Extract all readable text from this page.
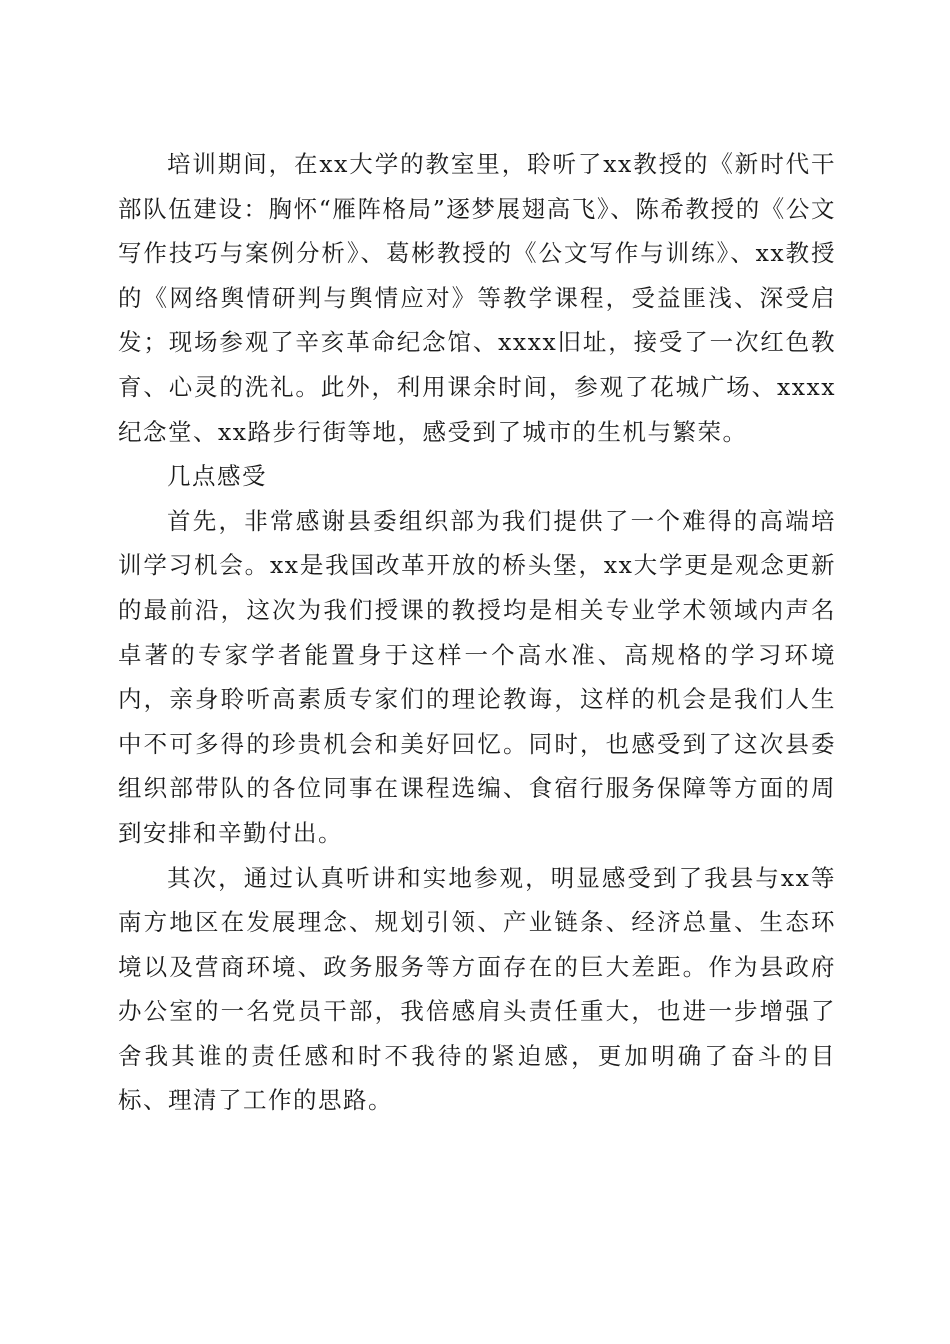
培训期间，在xx大学的教室里，聆听了xx教授的《新时代干部队伍建设：胸怀“雁阵格局”逐梦展翅高飞》、陈希教授的《公文写作技巧与案例分析》、葛彬教授的《公文写作与训练》、xx教授的《网络舆情研判与舆情应对》等教学课程，受益匪浅、深受启发；现场参观了辛亥革命纪念馆、xxxx旧址，接受了一次红色教育、心灵的洗礼。此外，利用课余时间，参观了花城广场、xxxx纪念堂、xx路步行街等地，感受到了城市的生机与繁荣。

几点感受

首先，非常感谢县委组织部为我们提供了一个难得的高端培训学习机会。xx是我国改革开放的桥头堡，xx大学更是观念更新的最前沿，这次为我们授课的教授均是相关专业学术领域内声名卓著的专家学者能置身于这样一个高水准、高规格的学习环境内，亲身聆听高素质专家们的理论教诲，这样的机会是我们人生中不可多得的珍贵机会和美好回忆。同时，也感受到了这次县委组织部带队的各位同事在课程选编、食宿行服务保障等方面的周到安排和辛勤付出。

其次，通过认真听讲和实地参观，明显感受到了我县与xx等南方地区在发展理念、规划引领、产业链条、经济总量、生态环境以及营商环境、政务服务等方面存在的巨大差距。作为县政府办公室的一名党员干部，我倍感肩头责任重大，也进一步增强了舍我其谁的责任感和时不我待的紧迫感，更加明确了奋斗的目标、理清了工作的思路。
